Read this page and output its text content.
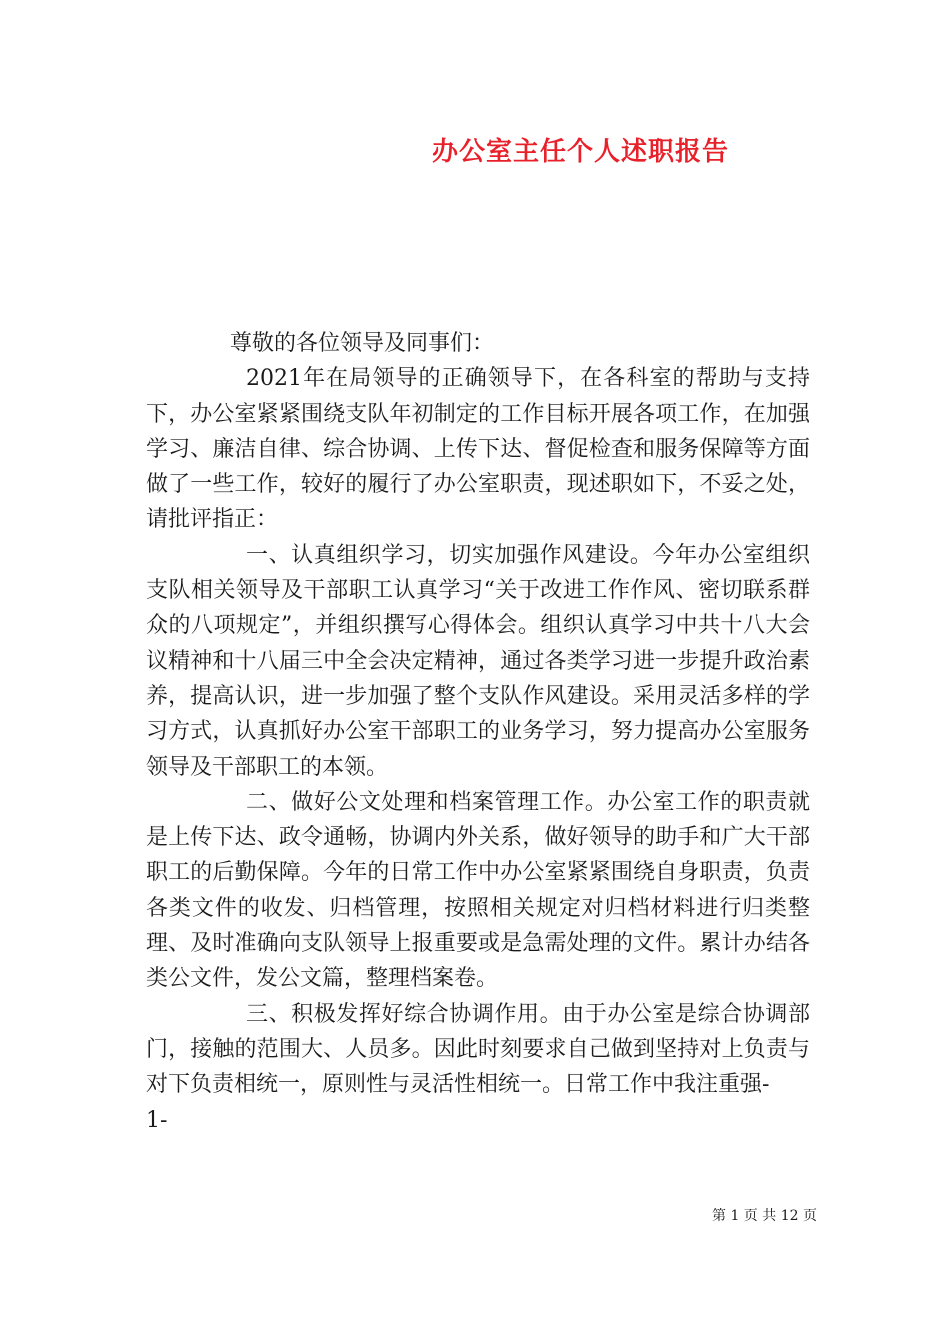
办公室主任个人述职报告

尊敬的各位领导及同事们：

2021年在局领导的正确领导下，在各科室的帮助与支持下，办公室紧紧围绕支队年初制定的工作目标开展各项工作，在加强学习、廉洁自律、综合协调、上传下达、督促检查和服务保障等方面做了一些工作，较好的履行了办公室职责，现述职如下，不妥之处，请批评指正：

一、认真组织学习，切实加强作风建设。今年办公室组织支队相关领导及干部职工认真学习“关于改进工作作风、密切联系群众的八项规定”，并组织撰写心得体会。组织认真学习中共十八大会议精神和十八届三中全会决定精神，通过各类学习进一步提升政治素养，提高认识，进一步加强了整个支队作风建设。采用灵活多样的学习方式，认真抓好办公室干部职工的业务学习，努力提高办公室服务领导及干部职工的本领。

二、做好公文处理和档案管理工作。办公室工作的职责就是上传下达、政令通畅，协调内外关系，做好领导的助手和广大干部职工的后勤保障。今年的日常工作中办公室紧紧围绕自身职责，负责各类文件的收发、归档管理，按照相关规定对归档材料进行归类整理、及时准确向支队领导上报重要或是急需处理的文件。累计办结各类公文件，发公文篇，整理档案卷。

三、积极发挥好综合协调作用。由于办公室是综合协调部门，接触的范围大、人员多。因此时刻要求自己做到坚持对上负责与对下负责相统一，原则性与灵活性相统一。日常工作中我注重强-

1-

第 1 页 共 12 页
